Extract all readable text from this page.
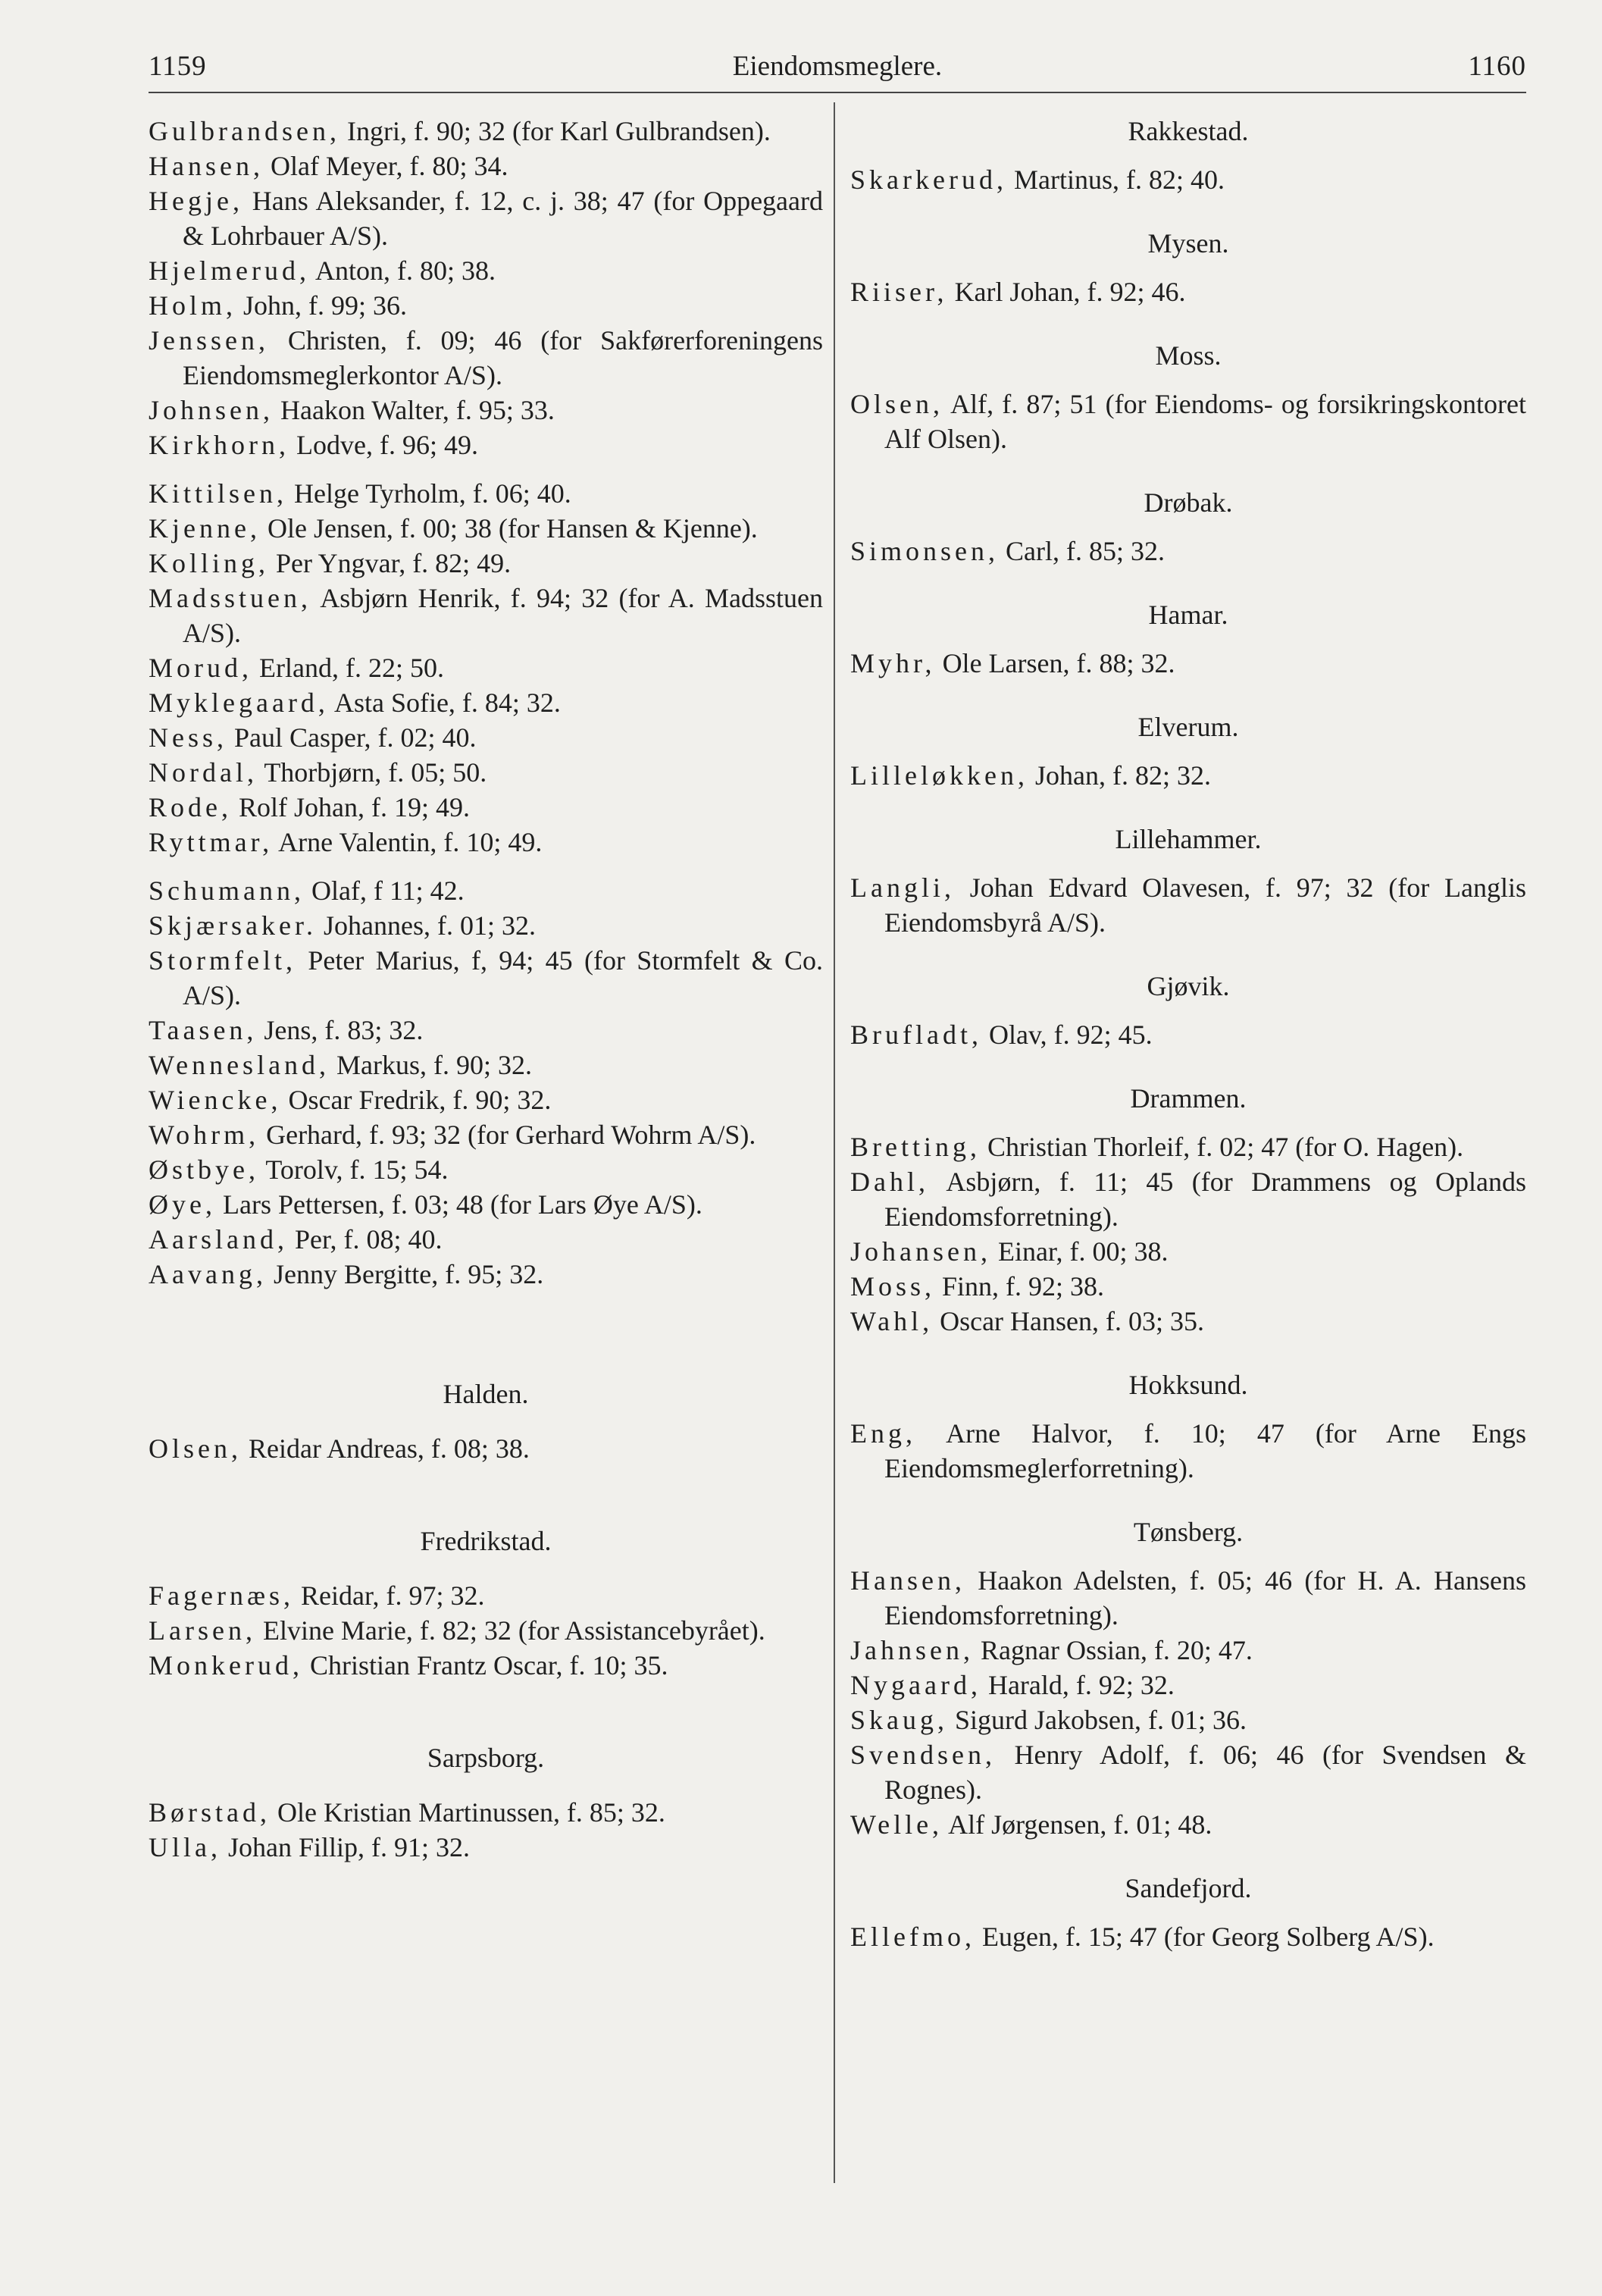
1159	Eiendomsmeglere.	1160
Gulbrandsen, Ingri, f. 90; 32 (for Karl Gulbrandsen).
Hansen, Olaf Meyer, f. 80; 34.
Hegje, Hans Aleksander, f. 12, c. j. 38; 47 (for Oppegaard & Lohrbauer A/S).
Hjelmerud, Anton, f. 80; 38.
Holm, John, f. 99; 36.
Jenssen, Christen, f. 09; 46 (for Sakførerforeningens Eiendomsmeglerkontor A/S).
Johnsen, Haakon Walter, f. 95; 33.
Kirkhorn, Lodve, f. 96; 49.
Kittilsen, Helge Tyrholm, f. 06; 40.
Kjenne, Ole Jensen, f. 00; 38 (for Hansen & Kjenne).
Kolling, Per Yngvar, f. 82; 49.
Madsstuen, Asbjørn Henrik, f. 94; 32 (for A. Madsstuen A/S).
Morud, Erland, f. 22; 50.
Myklegaard, Asta Sofie, f. 84; 32.
Ness, Paul Casper, f. 02; 40.
Nordal, Thorbjørn, f. 05; 50.
Rode, Rolf Johan, f. 19; 49.
Ryttmar, Arne Valentin, f. 10; 49.
Schumann, Olaf, f 11; 42.
Skjærsaker. Johannes, f. 01; 32.
Stormfelt, Peter Marius, f, 94; 45 (for Stormfelt & Co. A/S).
Taasen, Jens, f. 83; 32.
Wennesland, Markus, f. 90; 32.
Wiencke, Oscar Fredrik, f. 90; 32.
Wohrm, Gerhard, f. 93; 32 (for Gerhard Wohrm A/S).
Østbye, Torolv, f. 15; 54.
Øye, Lars Pettersen, f. 03; 48 (for Lars Øye A/S).
Aarsland, Per, f. 08; 40.
Aavang, Jenny Bergitte, f. 95; 32.
Halden.
Olsen, Reidar Andreas, f. 08; 38.
Fredrikstad.
Fagernæs, Reidar, f. 97; 32.
Larsen, Elvine Marie, f. 82; 32 (for Assistancebyrået).
Monkerud, Christian Frantz Oscar, f. 10; 35.
Sarpsborg.
Børstad, Ole Kristian Martinussen, f. 85; 32.
Ulla, Johan Fillip, f. 91; 32.
Rakkestad.
Skarkerud, Martinus, f. 82; 40.
Mysen.
Riiser, Karl Johan, f. 92; 46.
Moss.
Olsen, Alf, f. 87; 51 (for Eiendoms- og forsikringskontoret Alf Olsen).
Drøbak.
Simonsen, Carl, f. 85; 32.
Hamar.
Myhr, Ole Larsen, f. 88; 32.
Elverum.
Lilleløkken, Johan, f. 82; 32.
Lillehammer.
Langli, Johan Edvard Olavesen, f. 97; 32 (for Langlis Eiendomsbyrå A/S).
Gjøvik.
Brufladt, Olav, f. 92; 45.
Drammen.
Bretting, Christian Thorleif, f. 02; 47 (for O. Hagen).
Dahl, Asbjørn, f. 11; 45 (for Drammens og Oplands Eiendomsforretning).
Johansen, Einar, f. 00; 38.
Moss, Finn, f. 92; 38.
Wahl, Oscar Hansen, f. 03; 35.
Hokksund.
Eng, Arne Halvor, f. 10; 47 (for Arne Engs Eiendomsmeglerforretning).
Tønsberg.
Hansen, Haakon Adelsten, f. 05; 46 (for H. A. Hansens Eiendomsforretning).
Jahnsen, Ragnar Ossian, f. 20; 47.
Nygaard, Harald, f. 92; 32.
Skaug, Sigurd Jakobsen, f. 01; 36.
Svendsen, Henry Adolf, f. 06; 46 (for Svendsen & Rognes).
Welle, Alf Jørgensen, f. 01; 48.
Sandefjord.
Ellefmo, Eugen, f. 15; 47 (for Georg Solberg A/S).
